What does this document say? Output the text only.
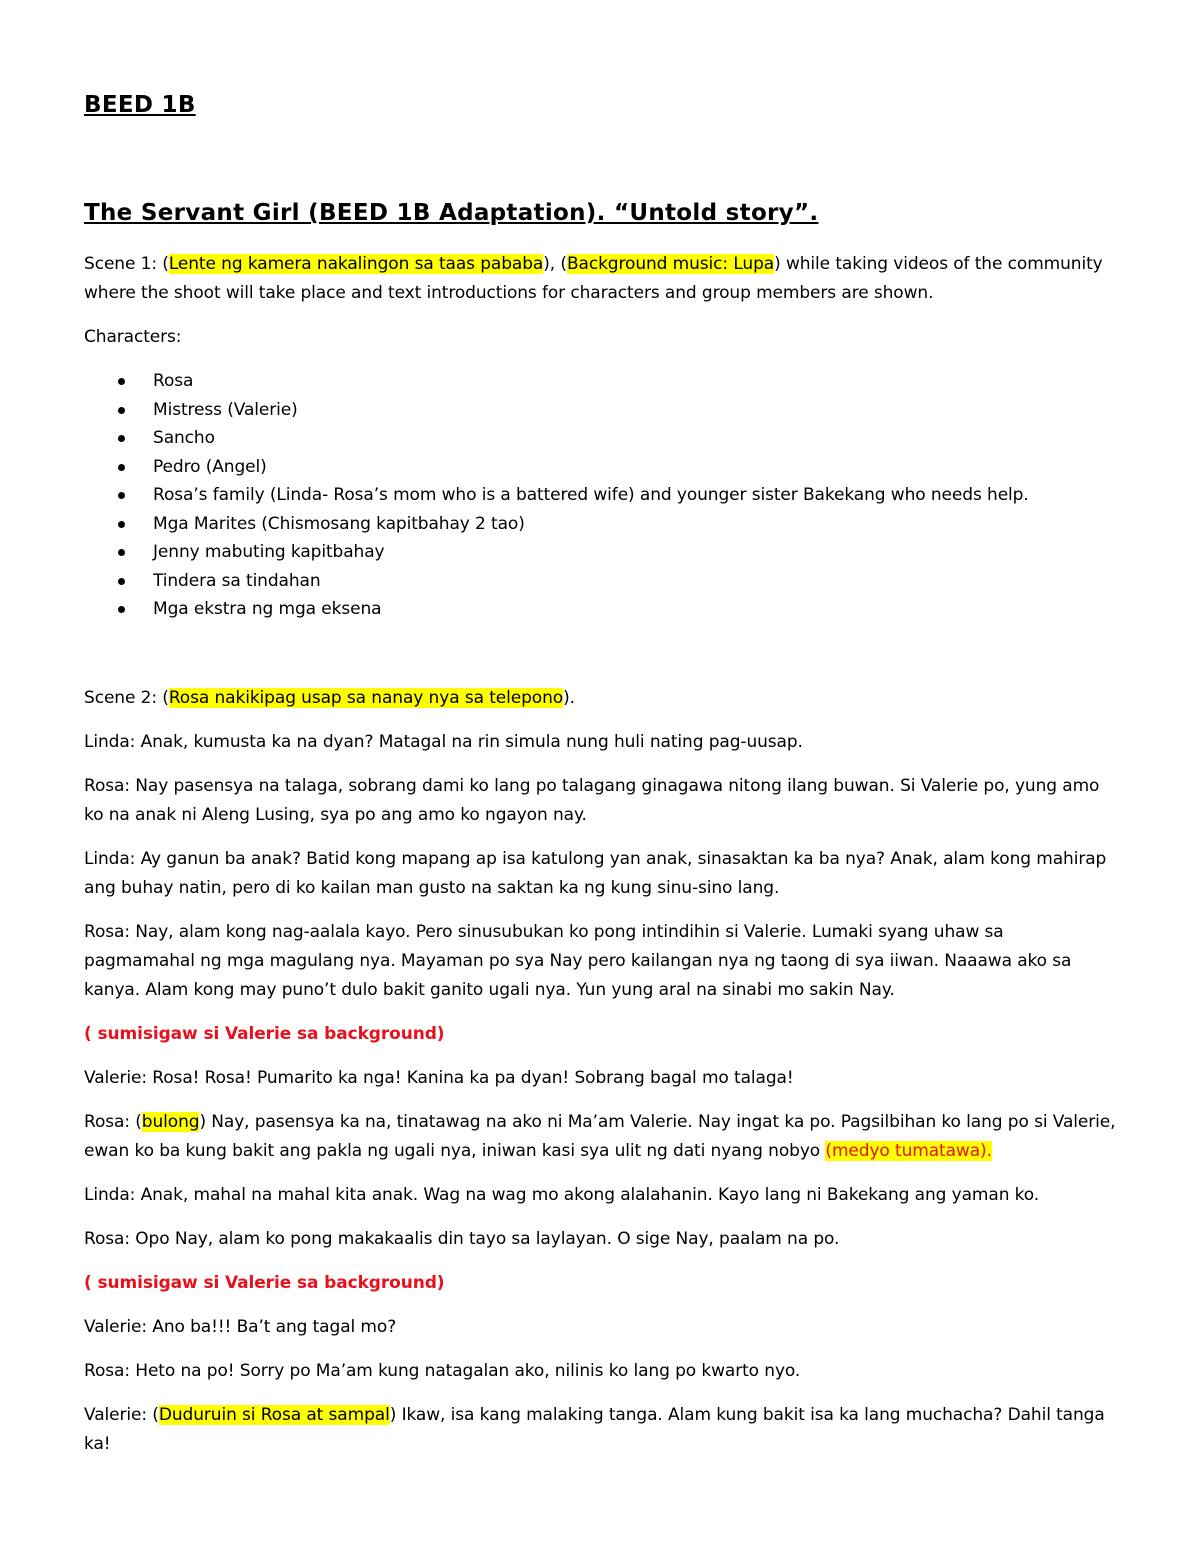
BEED 1B
The Servant Girl (BEED 1B Adaptation). “Untold story”.

Scene 1: (Lente ng kamera nakalingon sa taas pababa), (Background music: Lupa) while taking videos of the community where the shoot will take place and text introductions for characters and group members are shown.

Characters:

Rosa
Mistress (Valerie)
Sancho
Pedro (Angel)
Rosa’s family (Linda- Rosa’s mom who is a battered wife) and younger sister Bakekang who needs help.
Mga Marites (Chismosang kapitbahay 2 tao)
Jenny mabuting kapitbahay
Tindera sa tindahan
Mga ekstra ng mga eksena

Scene 2: (Rosa nakikipag usap sa nanay nya sa telepono).

Linda: Anak, kumusta ka na dyan? Matagal na rin simula nung huli nating pag-uusap.

Rosa: Nay pasensya na talaga, sobrang dami ko lang po talagang ginagawa nitong ilang buwan. Si Valerie po, yung amo ko na anak ni Aleng Lusing, sya po ang amo ko ngayon nay.

Linda: Ay ganun ba anak? Batid kong mapang ap isa katulong yan anak, sinasaktan ka ba nya? Anak, alam kong mahirap ang buhay natin, pero di ko kailan man gusto na saktan ka ng kung sinu-sino lang.

Rosa: Nay, alam kong nag-aalala kayo. Pero sinusubukan ko pong intindihin si Valerie. Lumaki syang uhaw sa pagmamahal ng mga magulang nya. Mayaman po sya Nay pero kailangan nya ng taong di sya iiwan. Naaawa ako sa kanya. Alam kong may puno’t dulo bakit ganito ugali nya. Yun yung aral na sinabi mo sakin Nay.

( sumisigaw si Valerie sa background)

Valerie: Rosa! Rosa! Pumarito ka nga! Kanina ka pa dyan! Sobrang bagal mo talaga!

Rosa: (bulong) Nay, pasensya ka na, tinatawag na ako ni Ma’am Valerie. Nay ingat ka po. Pagsilbihan ko lang po si Valerie, ewan ko ba kung bakit ang pakla ng ugali nya, iniwan kasi sya ulit ng dati nyang nobyo (medyo tumatawa).

Linda: Anak, mahal na mahal kita anak. Wag na wag mo akong alalahanin. Kayo lang ni Bakekang ang yaman ko.

Rosa: Opo Nay, alam ko pong makakaalis din tayo sa laylayan. O sige Nay, paalam na po.

( sumisigaw si Valerie sa background)

Valerie: Ano ba!!! Ba’t ang tagal mo?

Rosa: Heto na po! Sorry po Ma’am kung natagalan ako, nilinis ko lang po kwarto nyo.

Valerie: (Duduruin si Rosa at sampal) Ikaw, isa kang malaking tanga. Alam kung bakit isa ka lang muchacha? Dahil tanga ka!
